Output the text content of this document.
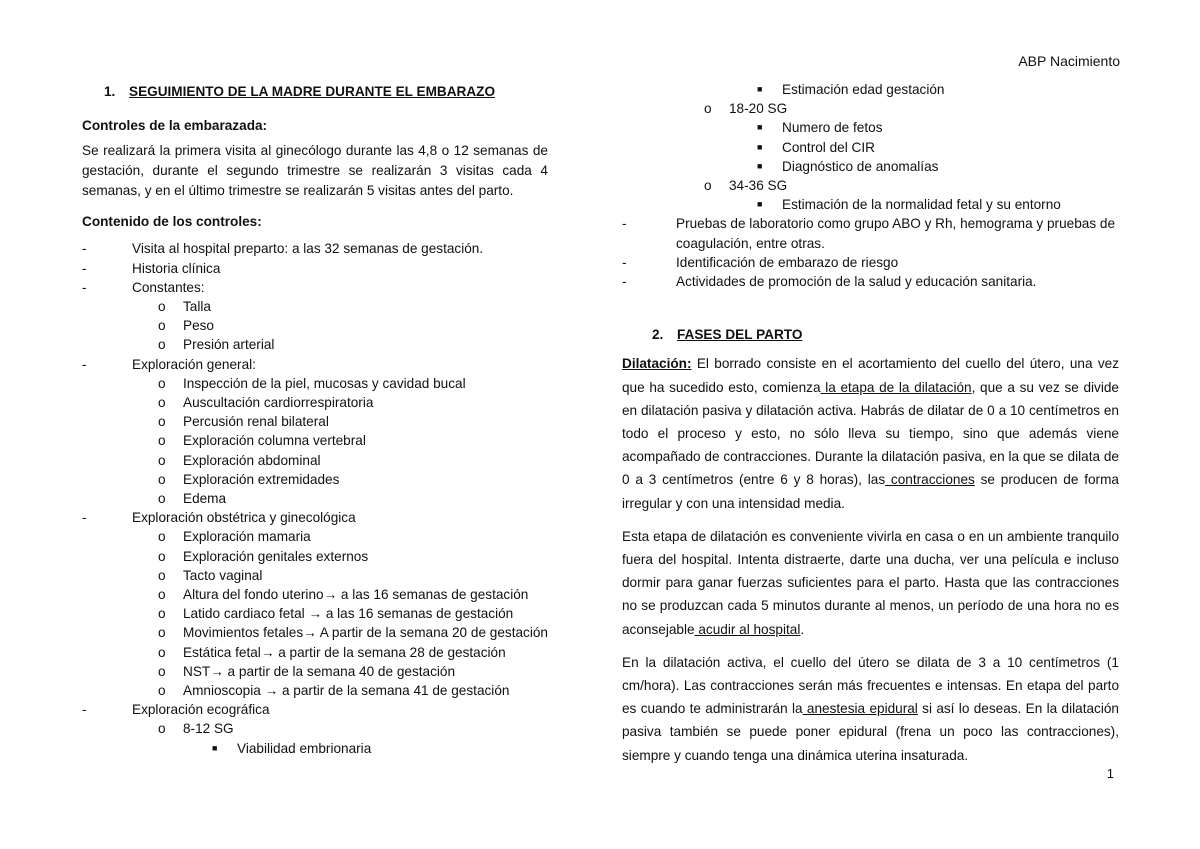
ABP Nacimiento
1. SEGUIMIENTO DE LA MADRE DURANTE EL EMBARAZO
Controles de la embarazada:

Se realizará la primera visita al ginecólogo durante las 4,8 o 12 semanas de gestación, durante el segundo trimestre se realizarán 3 visitas cada 4 semanas, y en el último trimestre se realizarán 5 visitas antes del parto.

Contenido de los controles:
-	Visita al hospital preparto: a las 32 semanas de gestación.
-	Historia clínica
-	Constantes:
o Talla
o Peso
o Presión arterial
-	Exploración general:
o Inspección de la piel, mucosas y cavidad bucal
o Auscultación cardiorrespiratoria
o Percusión renal bilateral
o Exploración columna vertebral
o Exploración abdominal
o Exploración extremidades
o Edema
-	Exploración obstétrica y ginecológica
o Exploración mamaria
o Exploración genitales externos
o Tacto vaginal
o Altura del fondo uterino→ a las 16 semanas de gestación
o Latido cardiaco fetal → a las 16 semanas de gestación
o Movimientos fetales→ A partir de la semana 20 de gestación
o Estática fetal→ a partir de la semana 28 de gestación
o NST→ a partir de la semana 40 de gestación
o Amnioscopia → a partir de la semana 41 de gestación
-	Exploración ecográfica
o 8-12 SG
■ Viabilidad embrionaria
■ Estimación edad gestación
o 18-20 SG
■ Numero de fetos
■ Control del CIR
■ Diagnóstico de anomalías
o 34-36 SG
■ Estimación de la normalidad fetal y su entorno
-	Pruebas de laboratorio como grupo ABO y Rh, hemograma y pruebas de coagulación, entre otras.
-	Identificación de embarazo de riesgo
-	Actividades de promoción de la salud y educación sanitaria.
2. FASES DEL PARTO

Dilatación: El borrado consiste en el acortamiento del cuello del útero, una vez que ha sucedido esto, comienza la etapa de la dilatación, que a su vez se divide en dilatación pasiva y dilatación activa. Habrás de dilatar de 0 a 10 centímetros en todo el proceso y esto, no sólo lleva su tiempo, sino que además viene acompañado de contracciones. Durante la dilatación pasiva, en la que se dilata de 0 a 3 centímetros (entre 6 y 8 horas), las contracciones se producen de forma irregular y con una intensidad media.

Esta etapa de dilatación es conveniente vivirla en casa o en un ambiente tranquilo fuera del hospital. Intenta distraerte, darte una ducha, ver una película e incluso dormir para ganar fuerzas suficientes para el parto. Hasta que las contracciones no se produzcan cada 5 minutos durante al menos, un período de una hora no es aconsejable acudir al hospital.

En la dilatación activa, el cuello del útero se dilata de 3 a 10 centímetros (1 cm/hora). Las contracciones serán más frecuentes e intensas. En etapa del parto es cuando te administrarán la anestesia epidural si así lo deseas. En la dilatación pasiva también se puede poner epidural (frena un poco las contracciones), siempre y cuando tenga una dinámica uterina insaturada.

1
